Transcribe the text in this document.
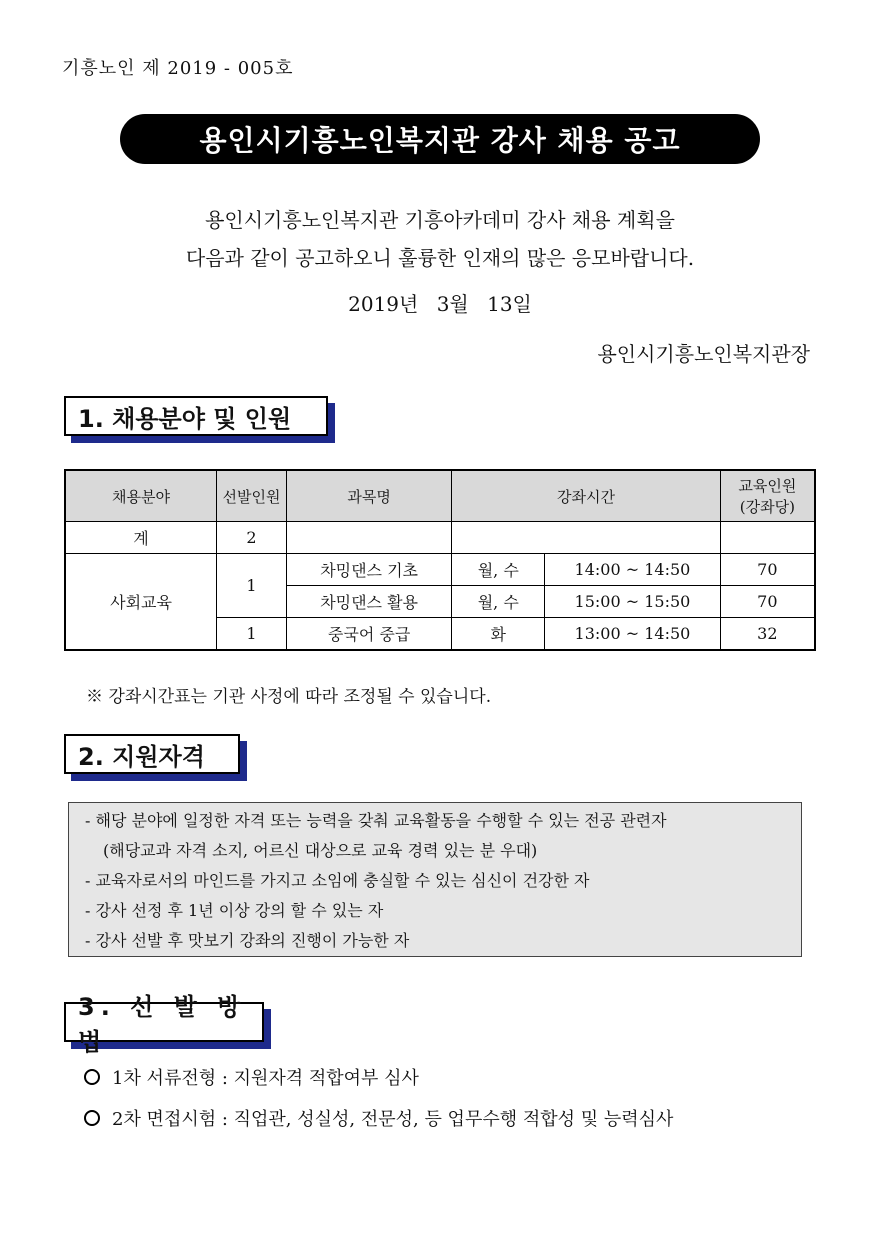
기흥노인 제 2019 - 005호
용인시기흥노인복지관 강사 채용 공고
용인시기흥노인복지관 기흥아카데미 강사 채용 계획을
다음과 같이 공고하오니 훌륭한 인재의 많은 응모바랍니다.
2019년 3월 13일
용인시기흥노인복지관장
1. 채용분야 및 인원
채용분야	선발인원	과목명	강좌시간		교육인원
(강좌당)

계	2				
사회교육	1	차밍댄스 기초	월, 수	14:00 ~ 14:50	70
		차밍댄스 활용	월, 수	15:00 ~ 15:50	70
	1	중국어 중급	화	13:00 ~ 14:50	32
※ 강좌시간표는 기관 사정에 따라 조정될 수 있습니다.
2. 지원자격
- 해당 분야에 일정한 자격 또는 능력을 갖춰 교육활동을 수행할 수 있는 전공 관련자
(해당교과 자격 소지, 어르신 대상으로 교육 경력 있는 분 우대)
- 교육자로서의 마인드를 가지고 소임에 충실할 수 있는 심신이 건강한 자
- 강사 선정 후 1년 이상 강의 할 수 있는 자
- 강사 선발 후 맛보기 강좌의 진행이 가능한 자
3. 선 발 방 법
1차 서류전형 : 지원자격 적합여부 심사
2차 면접시험 : 직업관, 성실성, 전문성, 등 업무수행 적합성 및 능력심사
